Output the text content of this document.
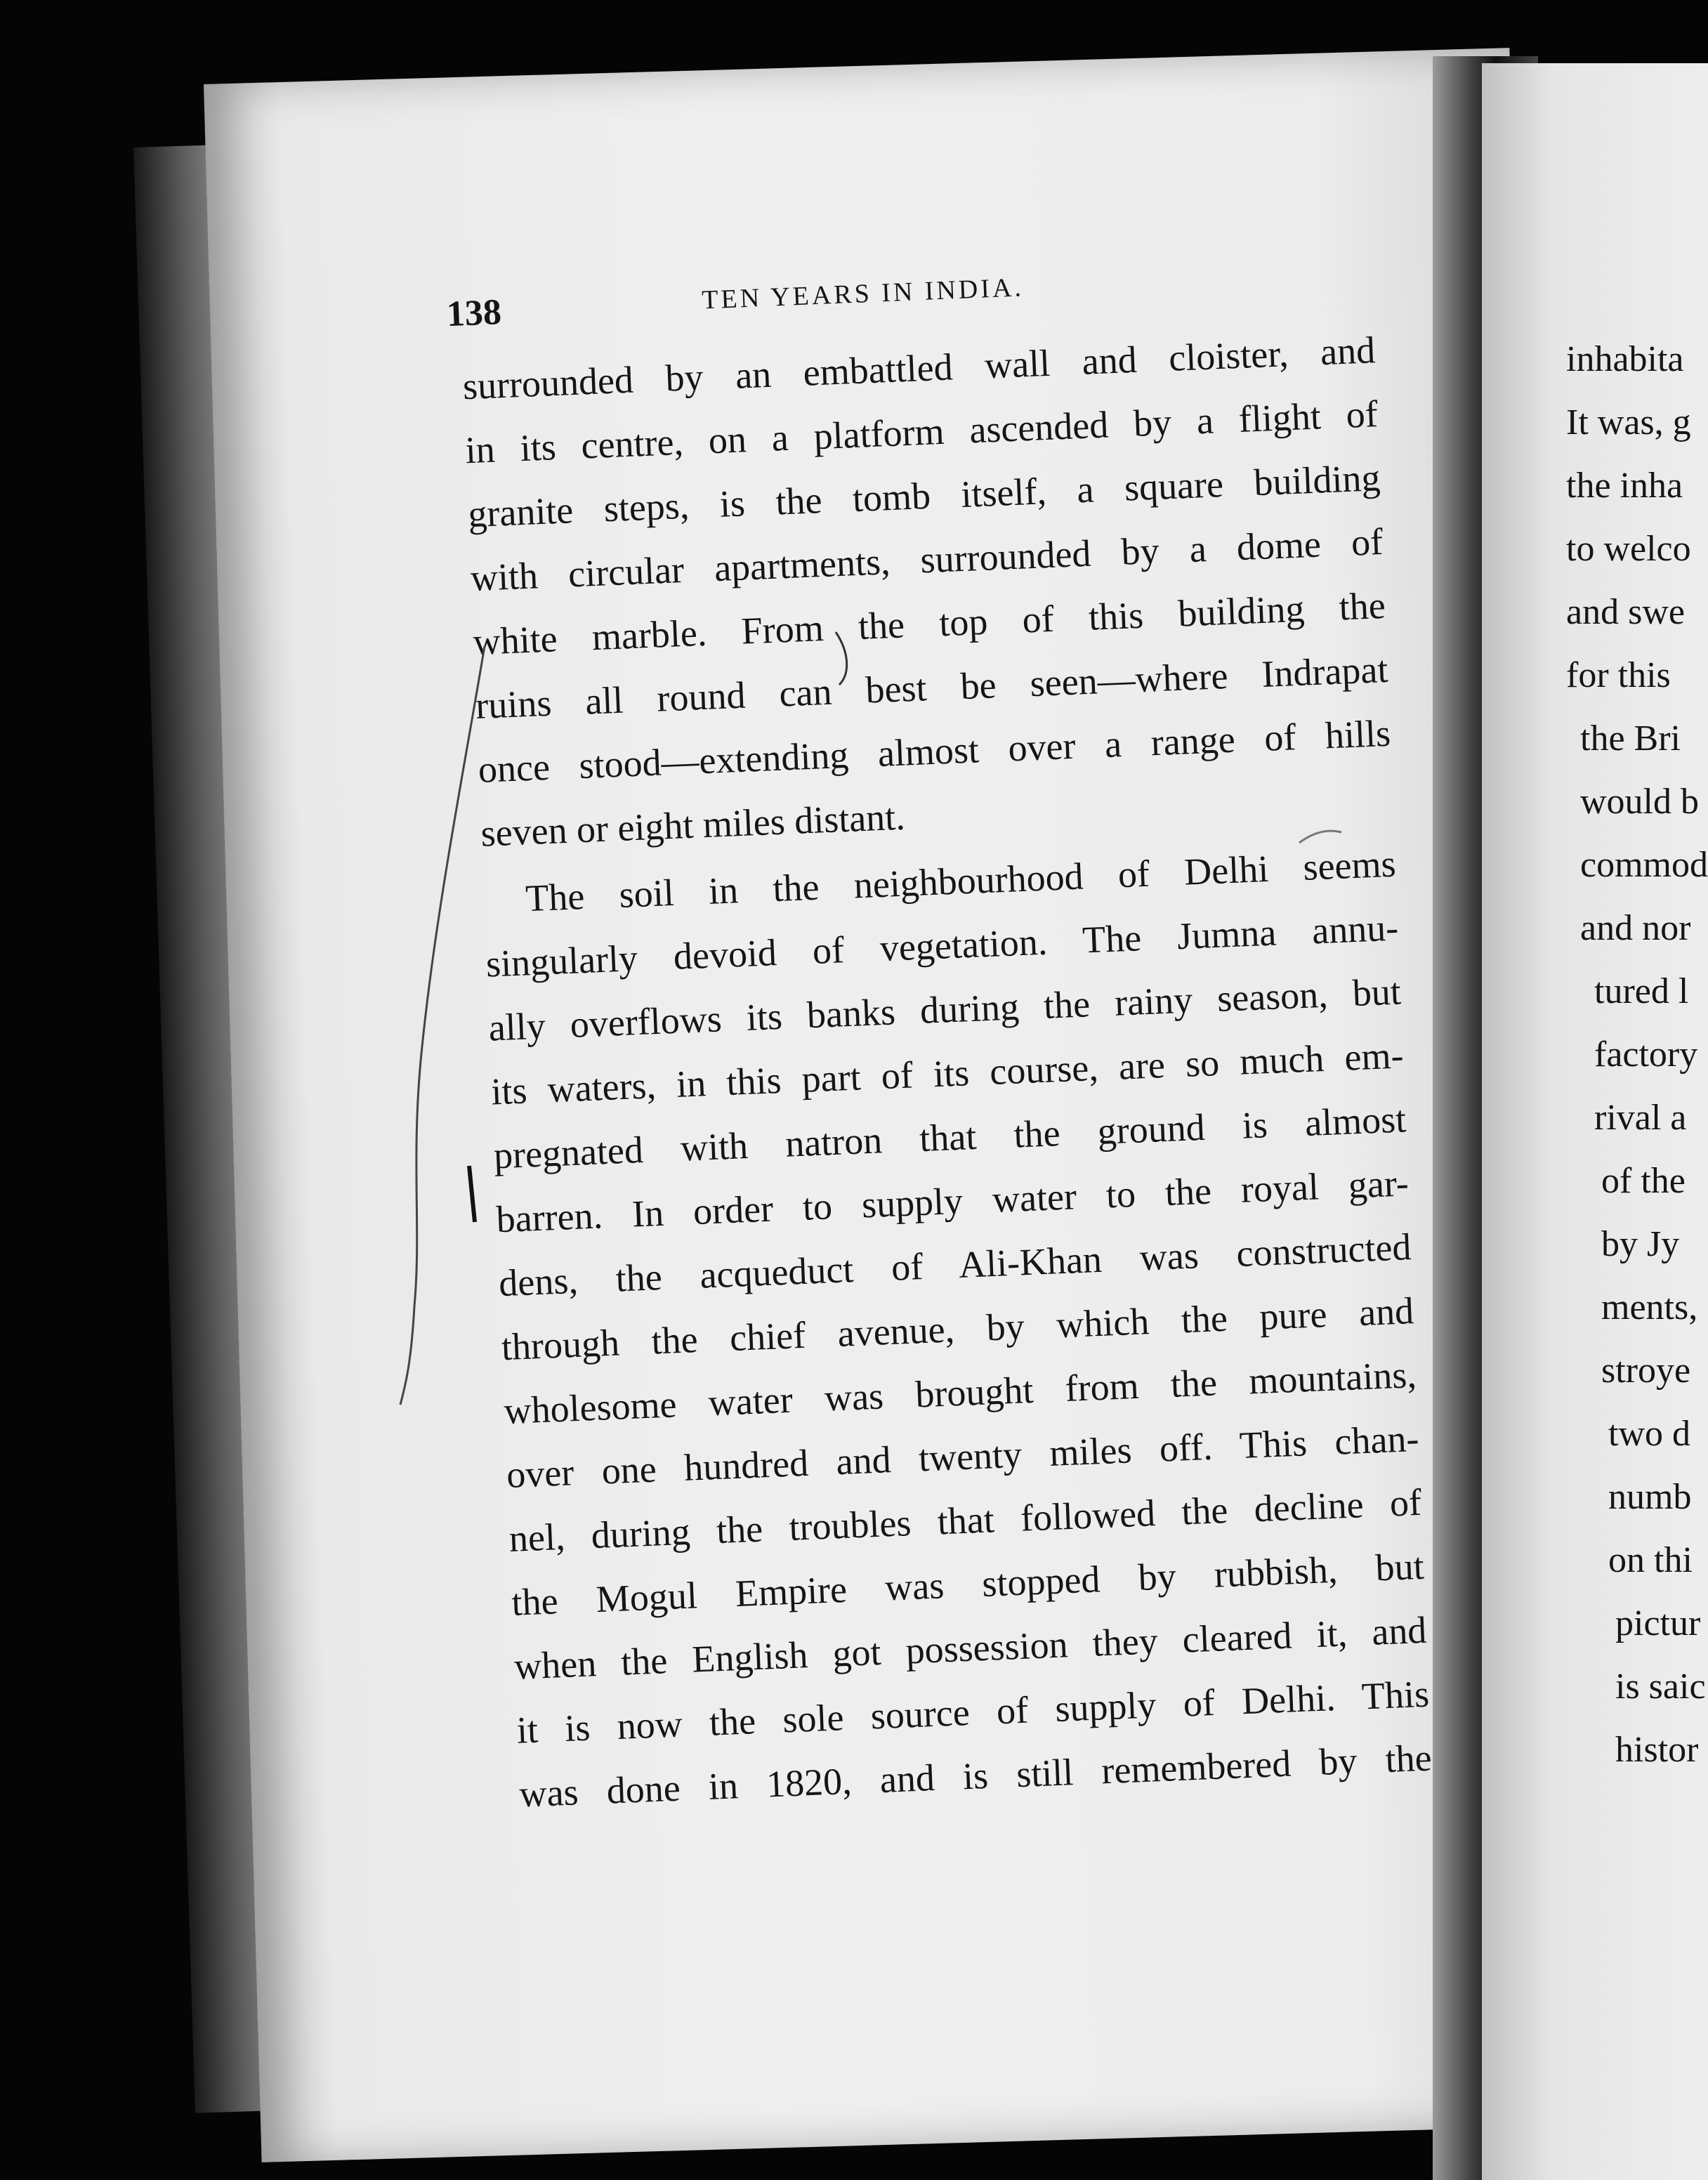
138	TEN YEARS IN INDIA.
surrounded by an embattled wall and cloister, and
in its centre, on a platform ascended by a flight of
granite steps, is the tomb itself, a square building
with circular apartments, surrounded by a dome of
white marble. From the top of this building the
ruins all round can best be seen—where Indrapat
once stood—extending almost over a range of hills
seven or eight miles distant.
The soil in the neighbourhood of Delhi seems
singularly devoid of vegetation. The Jumna annu-
ally overflows its banks during the rainy season, but
its waters, in this part of its course, are so much em-
pregnated with natron that the ground is almost
barren. In order to supply water to the royal gar-
dens, the acqueduct of Ali-Khan was constructed
through the chief avenue, by which the pure and
wholesome water was brought from the mountains,
over one hundred and twenty miles off. This chan-
nel, during the troubles that followed the decline of
the Mogul Empire was stopped by rubbish, but
when the English got possession they cleared it, and
it is now the sole source of supply of Delhi. This
was done in 1820, and is still remembered by the
inhabita
It was, g
the inha
to welco
and swe
for this
the Bri
would b
commod
and nor
tured l
factory
rival a
of the
by Jy
ments,
stroye
two d
numb
on thi
pictur
is saic
histor
